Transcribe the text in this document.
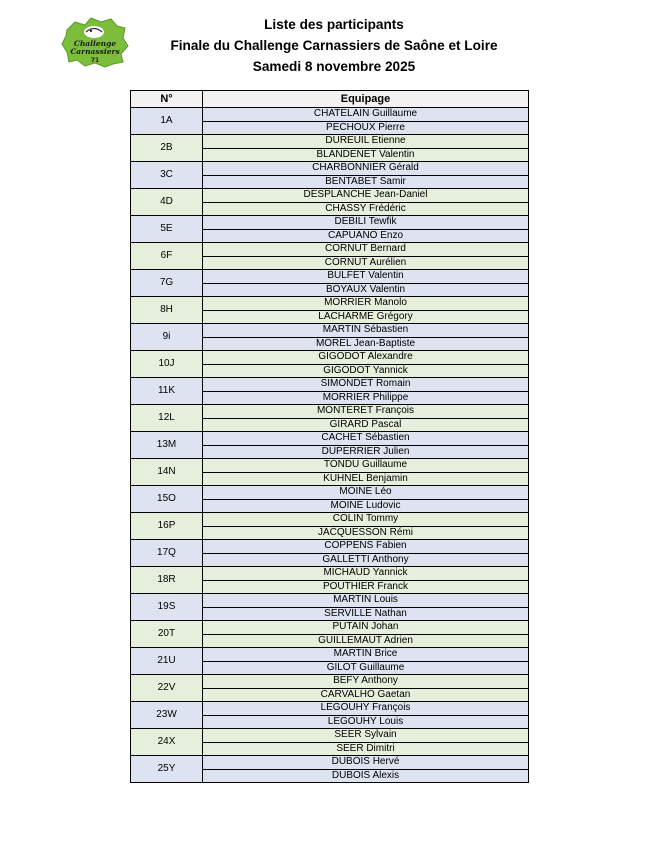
Challenge
Carnassiers
71
Liste des participants
Finale du Challenge Carnassiers de Saône et Loire
Samedi 8 novembre 2025
N°	Equipage
1A	CHATELAIN Guillaume
	PECHOUX Pierre
2B	DUREUIL Etienne
	BLANDENET Valentin
3C	CHARBONNIER Gérald
	BENTABET Samir
4D	DESPLANCHE Jean-Daniel
	CHASSY Frédéric
5E	DEBILI Tewfik
	CAPUANO Enzo
6F	CORNUT Bernard
	CORNUT Aurélien
7G	BULFET Valentin
	BOYAUX Valentin
8H	MORRIER Manolo
	LACHARME Grégory
9i	MARTIN Sébastien
	MOREL Jean-Baptiste
10J	GIGODOT Alexandre
	GIGODOT Yannick
11K	SIMONDET Romain
	MORRIER Philippe
12L	MONTERET François
	GIRARD Pascal
13M	CACHET Sébastien
	DUPERRIER Julien
14N	TONDU Guillaume
	KUHNEL Benjamin
15O	MOINE Léo
	MOINE Ludovic
16P	COLIN Tommy
	JACQUESSON Rémi
17Q	COPPENS Fabien
	GALLETTI Anthony
18R	MICHAUD Yannick
	POUTHIER Franck
19S	MARTIN Louis
	SERVILLE Nathan
20T	PUTAIN Johan
	GUILLEMAUT Adrien
21U	MARTIN Brice
	GILOT Guillaume
22V	BEFY Anthony
	CARVALHO Gaetan
23W	LEGOUHY François
	LEGOUHY Louis
24X	SEER Sylvain
	SEER Dimitri
25Y	DUBOIS Hervé
	DUBOIS Alexis
